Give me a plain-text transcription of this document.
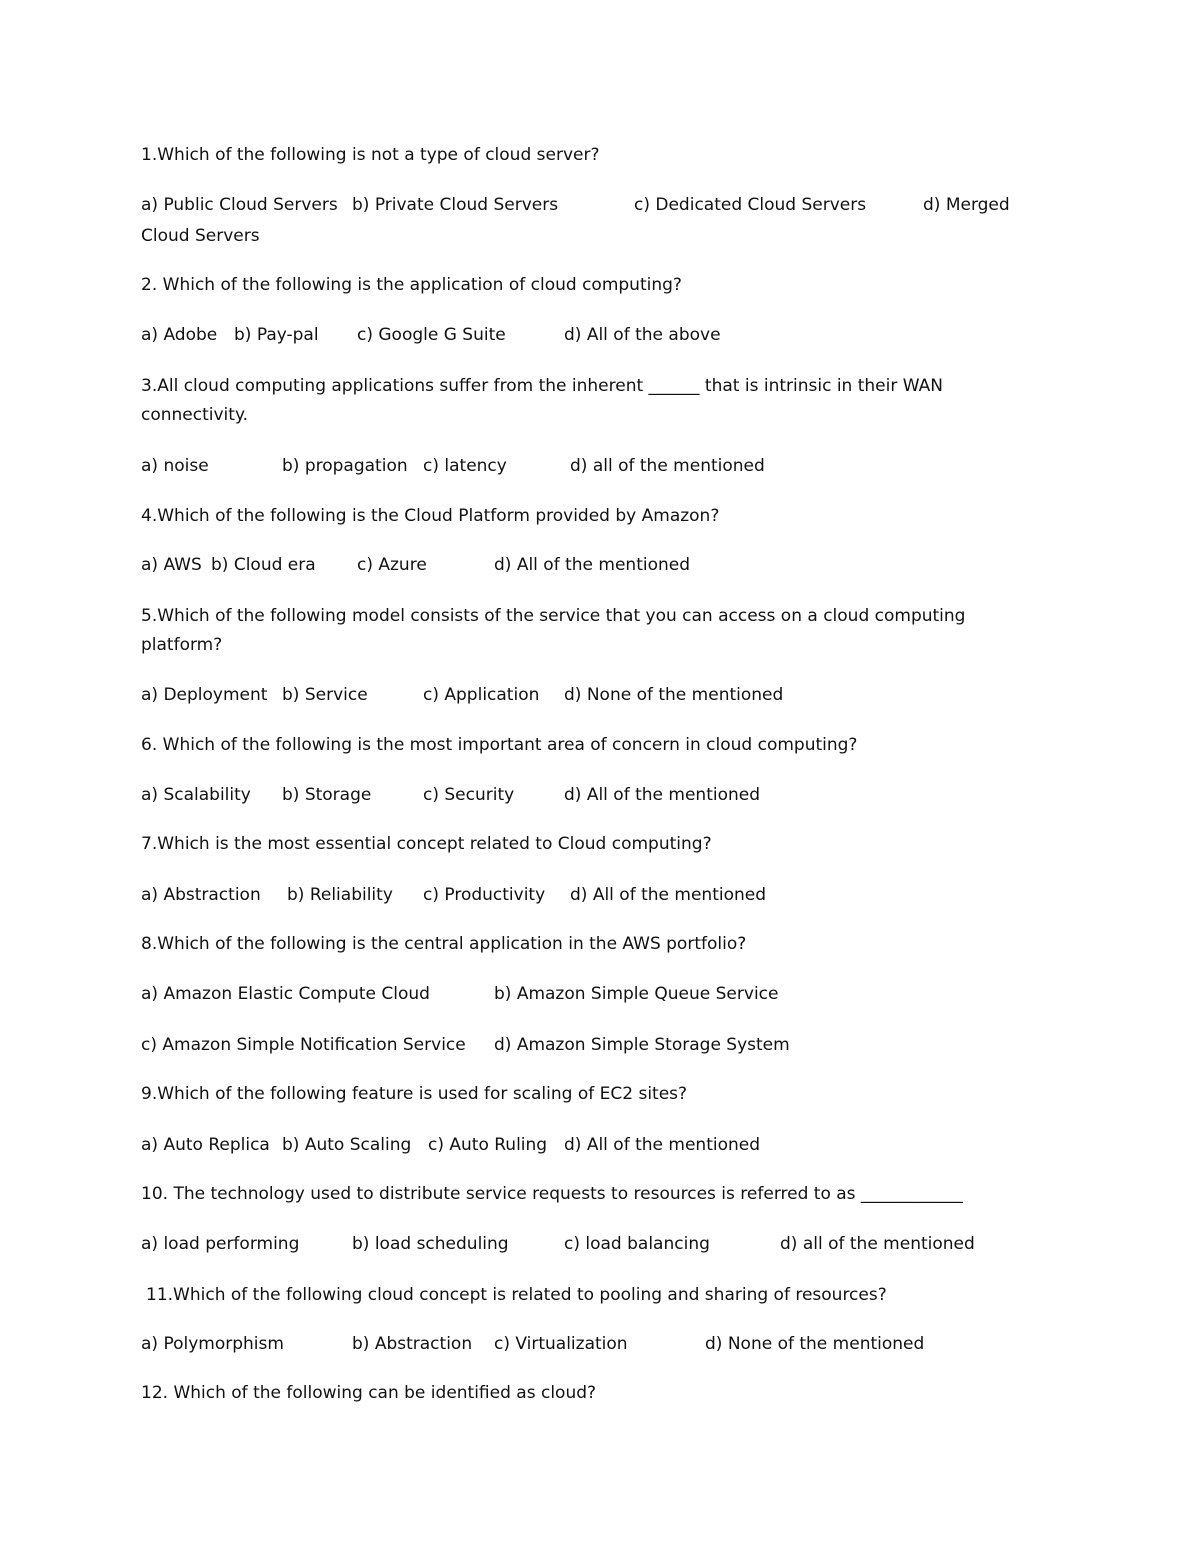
1.Which of the following is not a type of cloud server?
a) Public Cloud Servers b) Private Cloud Servers	c) Dedicated Cloud Servers	d) Merged
Cloud Servers
2. Which of the following is the application of cloud computing?
a) Adobe b) Pay-pal c) Google G Suite	d) All of the above
3.All cloud computing applications suffer from the inherent ______ that is intrinsic in their WAN
connectivity.
a) noise	b) propagation c) latency	d) all of the mentioned
4.Which of the following is the Cloud Platform provided by Amazon?
a) AWS b) Cloud era c) Azure	d) All of the mentioned
5.Which of the following model consists of the service that you can access on a cloud computing
platform?
a) Deployment b) Service	c) Application d) None of the mentioned
6. Which of the following is the most important area of concern in cloud computing?
a) Scalability b) Storage	c) Security	d) All of the mentioned
7.Which is the most essential concept related to Cloud computing?
a) Abstraction b) Reliability c) Productivity d) All of the mentioned
8.Which of the following is the central application in the AWS portfolio?
a) Amazon Elastic Compute Cloud	b) Amazon Simple Queue Service
c) Amazon Simple Notification Service d) Amazon Simple Storage System
9.Which of the following feature is used for scaling of EC2 sites?
a) Auto Replica b) Auto Scaling c) Auto Ruling d) All of the mentioned
10. The technology used to distribute service requests to resources is referred to as ____________
a) load performing	b) load scheduling	c) load balancing	d) all of the mentioned
11.Which of the following cloud concept is related to pooling and sharing of resources?
a) Polymorphism	b) Abstraction c) Virtualization	d) None of the mentioned
12. Which of the following can be identified as cloud?
